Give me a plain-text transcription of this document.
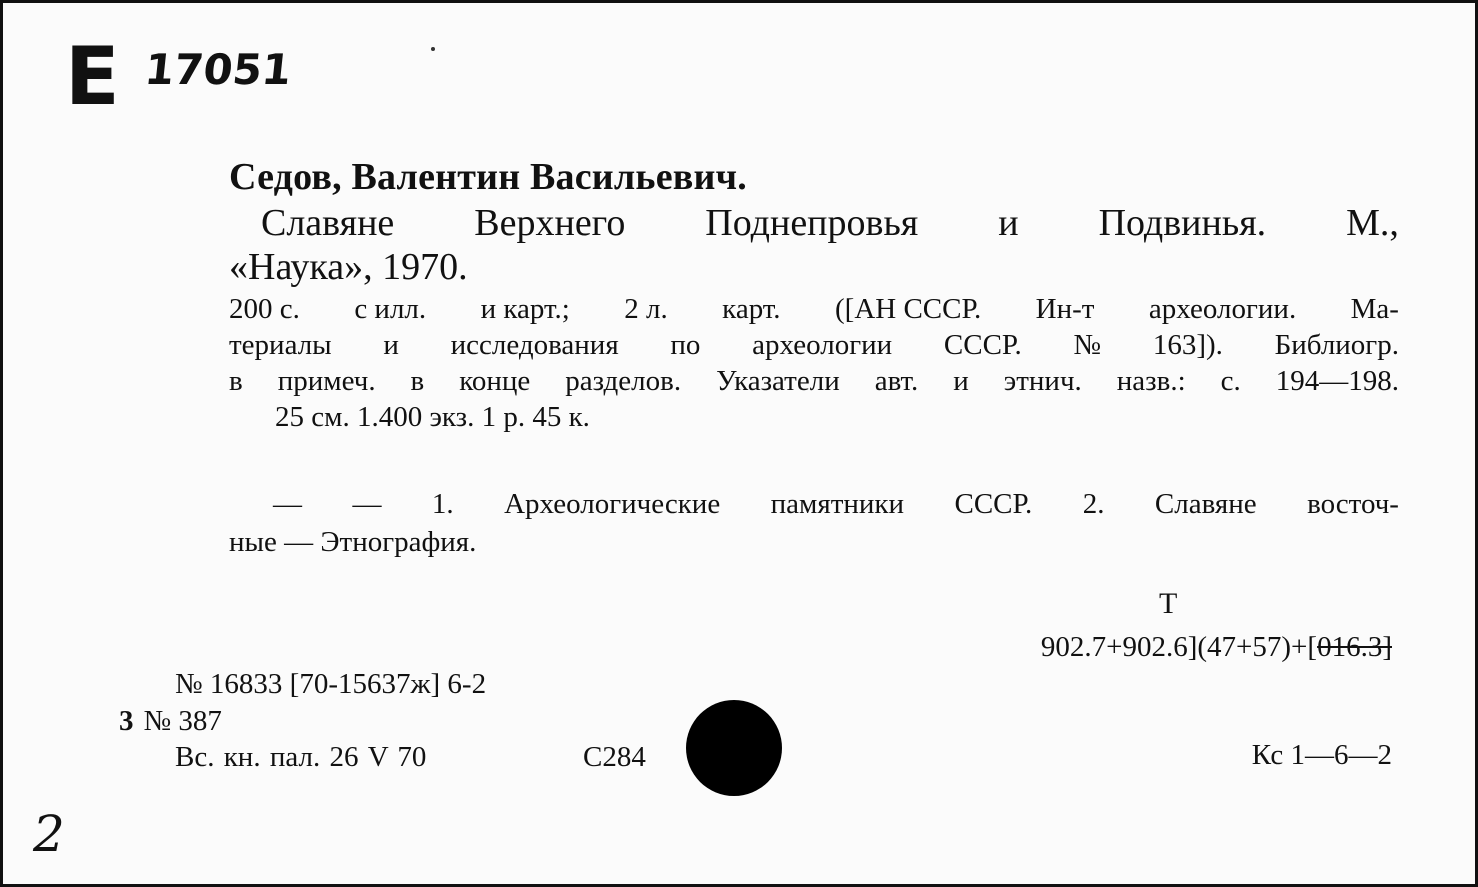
E 17051
Седов, Валентин Васильевич.
Славяне Верхнего Поднепровья и Подвинья. М.,
«Наука», 1970.
200 с. с илл. и карт.; 2 л. карт. ([АН СССР. Ин-т археологии. Ма-
териалы и исследования по археологии СССР. № 163]). Библиогр.
в примеч. в конце разделов. Указатели авт. и этнич. назв.: с. 194—198.
25 см. 1.400 экз. 1 р. 45 к.
— — 1. Археологические памятники СССР. 2. Славяне восточ-
ные — Этнография.
Т
902.7+902.6](47+57)+[016.3]
№ 16833 [70-15637ж] 6-2
3 № 387
Вс. кн. пал. 26 V 70	С284	Кс 1—6—2
2
